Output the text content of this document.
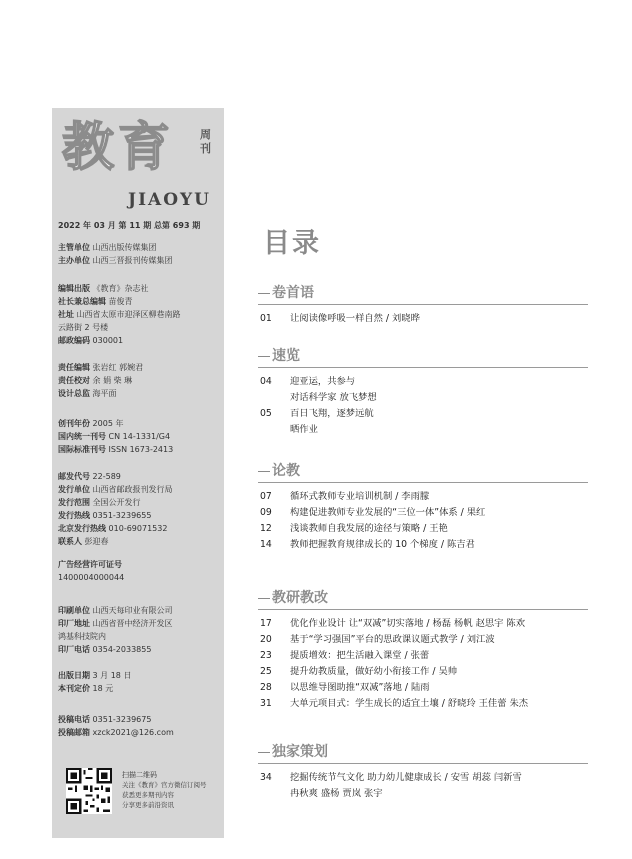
教育 周刊
JIAOYU
2022 年 03 月 第 11 期 总第 693 期
主管单位 山西出版传媒集团
主办单位 山西三晋报刊传媒集团
编辑出版 《教育》杂志社
社长兼总编辑 苗俊青
社址 山西省太原市迎泽区柳巷南路
云路街 2 号楼
邮政编码 030001
责任编辑 张岩红 郭婉君
责任校对 余 娟 柴 琳
设计总监 海平面
创刊年份 2005 年
国内统一刊号 CN 14-1331/G4
国际标准刊号 ISSN 1673-2413
邮发代号 22-589
发行单位 山西省邮政报刊发行局
发行范围 全国公开发行
发行热线 0351-3239655
北京发行热线 010-69071532
联系人 彭迎春
广告经营许可证号
1400004000044
印刷单位 山西天每印业有限公司
印厂地址 山西省晋中经济开发区
鸿基科技院内
印厂电话 0354-2033855
出版日期 3 月 18 日
本刊定价 18 元
投稿电话 0351-3239675
投稿邮箱 xzck2021@126.com
扫描二维码
关注《教育》官方微信订阅号
获悉更多期刊内容
分享更多前沿资讯
目录
卷首语
01	让阅读像呼吸一样自然 / 刘晓晔
速览
04	迎亚运，共参与
对话科学家 放飞梦想
05	百日飞翔，逐梦远航
晒作业
论教
07	循环式教师专业培训机制 / 李雨朦
09	构建促进教师专业发展的“三位一体”体系 / 果红
12	浅谈教师自我发展的途径与策略 / 王艳
14	教师把握教育规律成长的 10 个梯度 / 陈吉君
教研教改
17	优化作业设计 让“双减”切实落地 / 杨磊 杨帆 赵思宇 陈欢
20	基于“学习强国”平台的思政课议题式教学 / 刘江波
23	提质增效：把生活融入课堂 / 张蕾
25	提升幼教质量，做好幼小衔接工作 / 吴帅
28	以思维导图助推“双减”落地 / 陆雨
31	大单元项目式：学生成长的适宜土壤 / 舒晓玲 王佳蕾 朱杰
独家策划
34	挖掘传统节气文化 助力幼儿健康成长 / 安雪 胡蕊 闫新雪
冉秋爽 盛杨 贾岚 张宇
